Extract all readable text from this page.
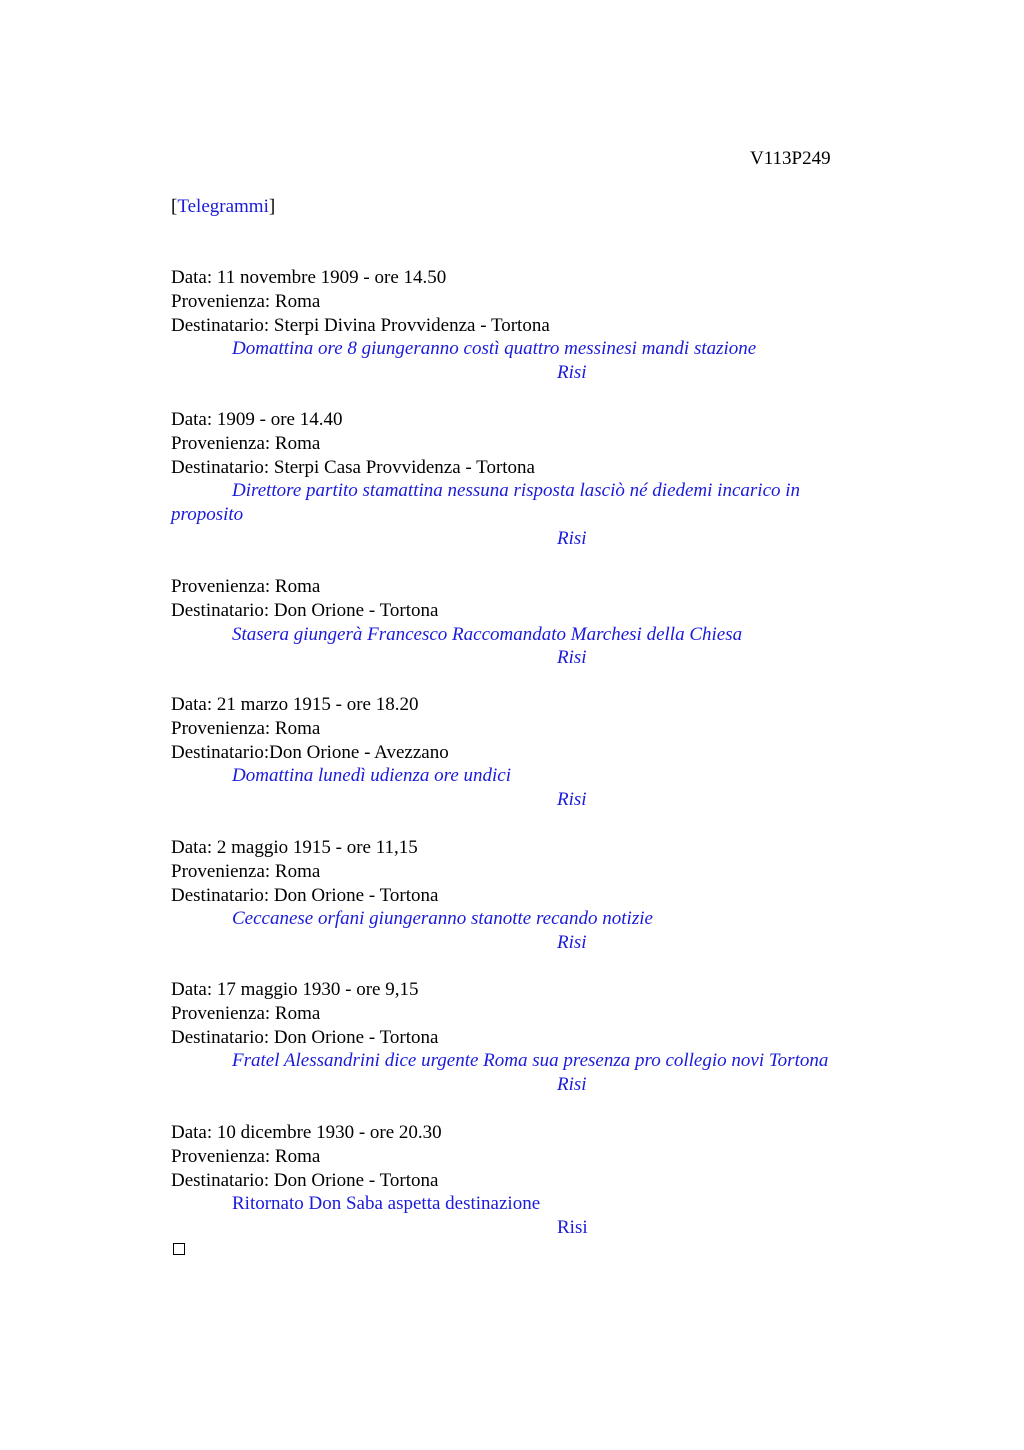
V113P249
[Telegrammi]
Data: 11 novembre 1909 - ore 14.50
Provenienza: Roma
Destinatario: Sterpi Divina Provvidenza - Tortona
Domattina ore 8 giungeranno costì quattro messinesi mandi stazione
Risi
Data: 1909 - ore 14.40
Provenienza: Roma
Destinatario: Sterpi Casa Provvidenza - Tortona
Direttore partito stamattina nessuna risposta lasciò né diedemi incarico in proposito
Risi
Provenienza: Roma
Destinatario: Don Orione - Tortona
Stasera giungerà Francesco Raccomandato Marchesi della Chiesa
Risi
Data: 21 marzo 1915 - ore 18.20
Provenienza: Roma
Destinatario:Don Orione - Avezzano
Domattina lunedì udienza ore undici
Risi
Data: 2 maggio 1915 - ore 11,15
Provenienza: Roma
Destinatario: Don Orione - Tortona
Ceccanese orfani giungeranno stanotte recando notizie
Risi
Data: 17 maggio 1930 - ore 9,15
Provenienza: Roma
Destinatario: Don Orione - Tortona
Fratel Alessandrini dice urgente Roma sua presenza pro collegio novi Tortona
Risi
Data: 10 dicembre 1930 - ore 20.30
Provenienza: Roma
Destinatario: Don Orione - Tortona
Ritornato Don Saba aspetta destinazione
Risi
